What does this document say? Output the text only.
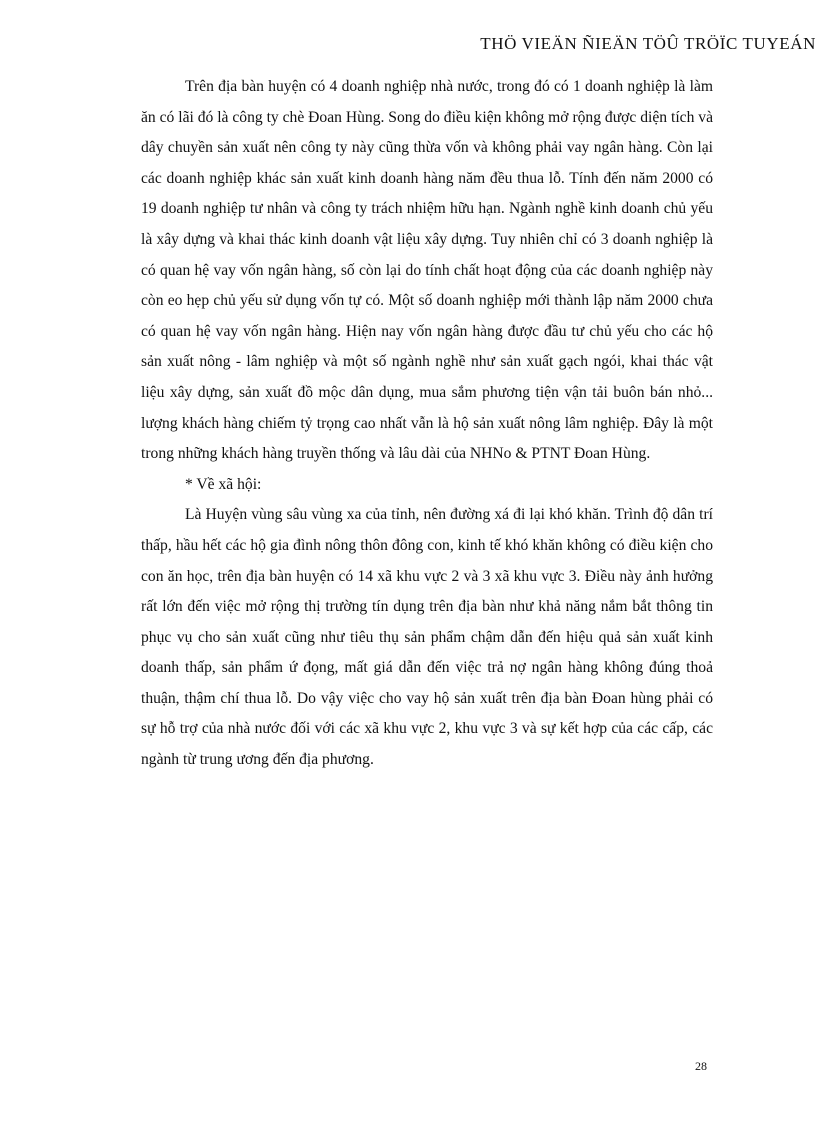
THÖ VIEÄN ÑIEÄN TÖÛ TRÖÏC TUYEÁN

Trên địa bàn huyện có 4 doanh nghiệp nhà nước, trong đó có 1 doanh nghiệp là làm ăn có lãi đó là công ty chè Đoan Hùng. Song do điều kiện không mở rộng được diện tích và dây chuyền sản xuất nên công ty này cũng thừa vốn và không phải vay ngân hàng. Còn lại các doanh nghiệp khác sản xuất kinh doanh hàng năm đều thua lỗ. Tính đến năm 2000 có 19 doanh nghiệp tư nhân và công ty trách nhiệm hữu hạn. Ngành nghề kinh doanh chủ yếu là xây dựng và khai thác kinh doanh vật liệu xây dựng. Tuy nhiên chỉ có 3 doanh nghiệp là có quan hệ vay vốn ngân hàng, số còn lại do tính chất hoạt động của các doanh nghiệp này còn eo hẹp chủ yếu sử dụng vốn tự có. Một số doanh nghiệp mới thành lập năm 2000 chưa có quan hệ vay vốn ngân hàng. Hiện nay vốn ngân hàng được đầu tư chủ yếu cho các hộ sản xuất nông - lâm nghiệp và một số ngành nghề như sản xuất gạch ngói, khai thác vật liệu xây dựng, sản xuất đồ mộc dân dụng, mua sắm phương tiện vận tải buôn bán nhỏ... lượng khách hàng chiếm tỷ trọng cao nhất vẫn là hộ sản xuất nông lâm nghiệp. Đây là một trong những khách hàng truyền thống và lâu dài của NHNo & PTNT Đoan Hùng.

* Về xã hội:

Là Huyện vùng sâu vùng xa của tỉnh, nên đường xá đi lại khó khăn. Trình độ dân trí thấp, hầu hết các hộ gia đình nông thôn đông con, kinh tế khó khăn không có điều kiện cho con ăn học, trên địa bàn huyện có 14 xã khu vực 2 và 3 xã khu vực 3. Điều này ảnh hưởng rất lớn đến việc mở rộng thị trường tín dụng trên địa bàn như khả năng nắm bắt thông tin phục vụ cho sản xuất cũng như tiêu thụ sản phẩm chậm dẫn đến hiệu quả sản xuất kinh doanh thấp, sản phẩm ứ đọng, mất giá dẫn đến việc trả nợ ngân hàng không đúng thoả thuận, thậm chí thua lỗ. Do vậy việc cho vay hộ sản xuất trên địa bàn Đoan hùng phải có sự hỗ trợ của nhà nước đối với các xã khu vực 2, khu vực 3 và sự kết hợp của các cấp, các ngành từ trung ương đến địa phương.

28
